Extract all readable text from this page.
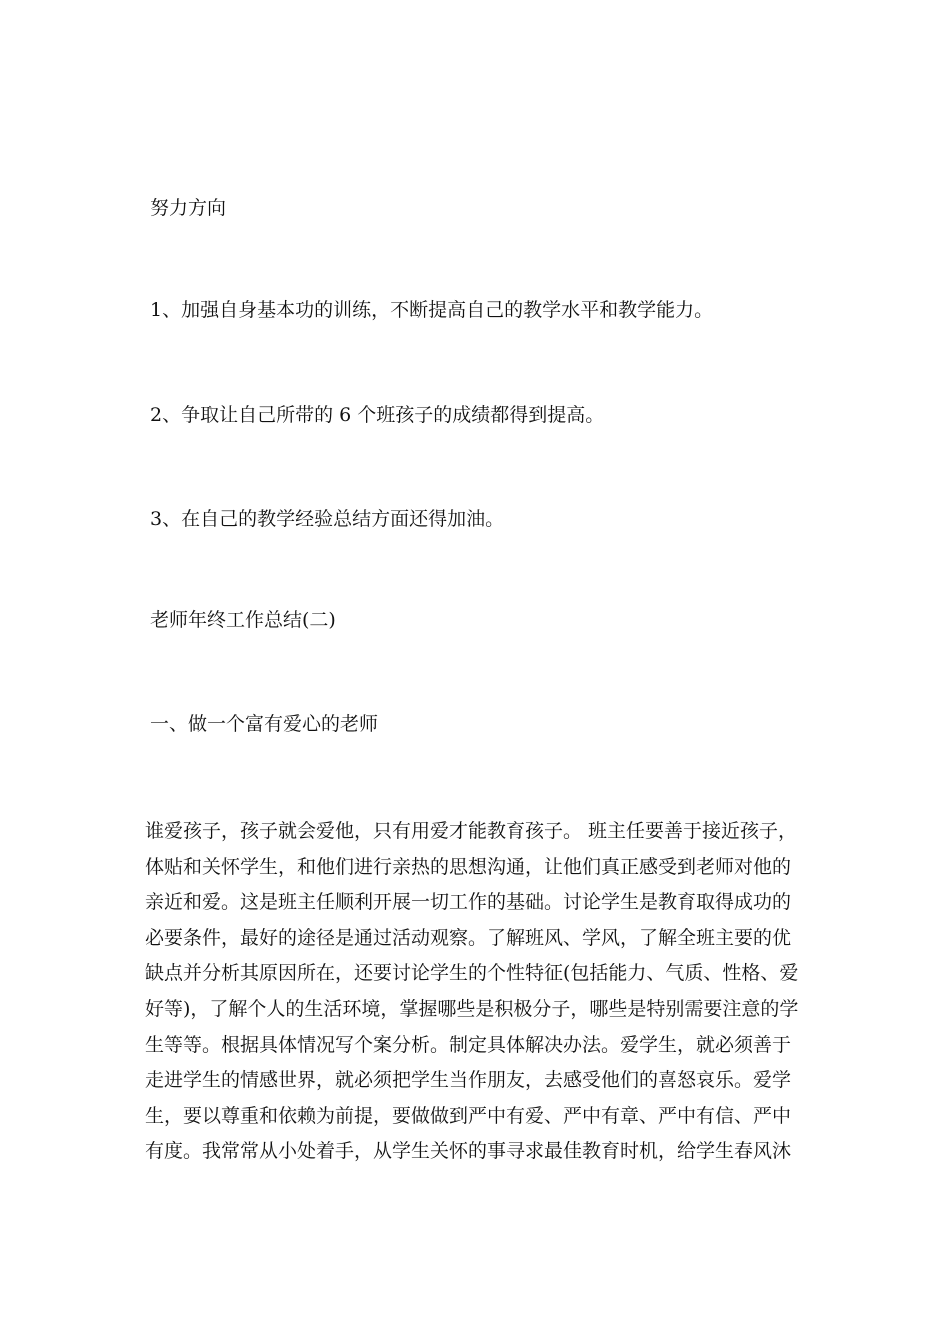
努力方向

1、加强自身基本功的训练，不断提高自己的教学水平和教学能力。

2、争取让自己所带的 6 个班孩子的成绩都得到提高。

3、在自己的教学经验总结方面还得加油。

老师年终工作总结(二)

一、做一个富有爱心的老师

谁爱孩子，孩子就会爱他，只有用爱才能教育孩子。 班主任要善于接近孩子，
体贴和关怀学生，和他们进行亲热的思想沟通，让他们真正感受到老师对他的
亲近和爱。这是班主任顺利开展一切工作的基础。讨论学生是教育取得成功的
必要条件，最好的途径是通过活动观察。了解班风、学风，了解全班主要的优
缺点并分析其原因所在，还要讨论学生的个性特征(包括能力、气质、性格、爱
好等)，了解个人的生活环境，掌握哪些是积极分子，哪些是特别需要注意的学
生等等。根据具体情况写个案分析。制定具体解决办法。爱学生，就必须善于
走进学生的情感世界，就必须把学生当作朋友，去感受他们的喜怒哀乐。爱学
生，要以尊重和依赖为前提，要做做到严中有爱、严中有章、严中有信、严中
有度。我常常从小处着手，从学生关怀的事寻求最佳教育时机，给学生春风沐
